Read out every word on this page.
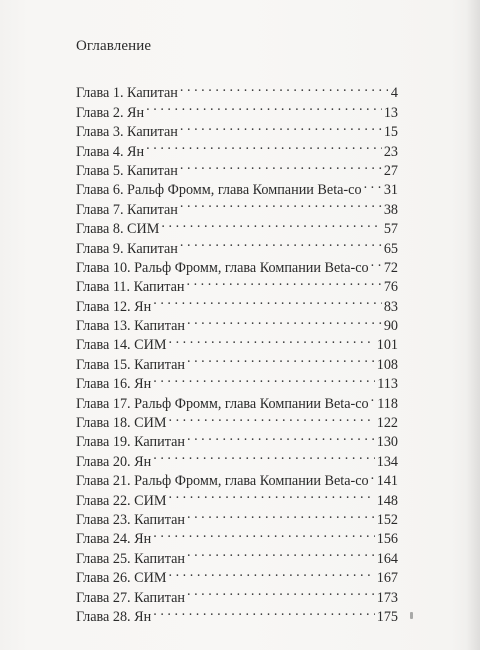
Оглавление
Глава 1. Капитан . . .	4
Глава 2. Ян . . .	13
Глава 3. Капитан . . .	15
Глава 4. Ян . . .	23
Глава 5. Капитан . . .	27
Глава 6. Ральф Фромм, глава Компании Beta-co . . . 31
Глава 7. Капитан . . .	38
Глава 8. СИМ . . .	57
Глава 9. Капитан . . .	65
Глава 10. Ральф Фромм, глава Компании Beta-co . . . 72
Глава 11. Капитан . . .	76
Глава 12. Ян . . .	83
Глава 13. Капитан . . .	90
Глава 14. СИМ . . .	101
Глава 15. Капитан . . .	108
Глава 16. Ян . . .	113
Глава 17. Ральф Фромм, глава Компании Beta-co . . . 118
Глава 18. СИМ . . .	122
Глава 19. Капитан . . .	130
Глава 20. Ян . . .	134
Глава 21. Ральф Фромм, глава Компании Beta-co . . . 141
Глава 22. СИМ . . .	148
Глава 23. Капитан . . .	152
Глава 24. Ян . . .	156
Глава 25. Капитан . . .	164
Глава 26. СИМ . . .	167
Глава 27. Капитан . . .	173
Глава 28. Ян . . .	175
